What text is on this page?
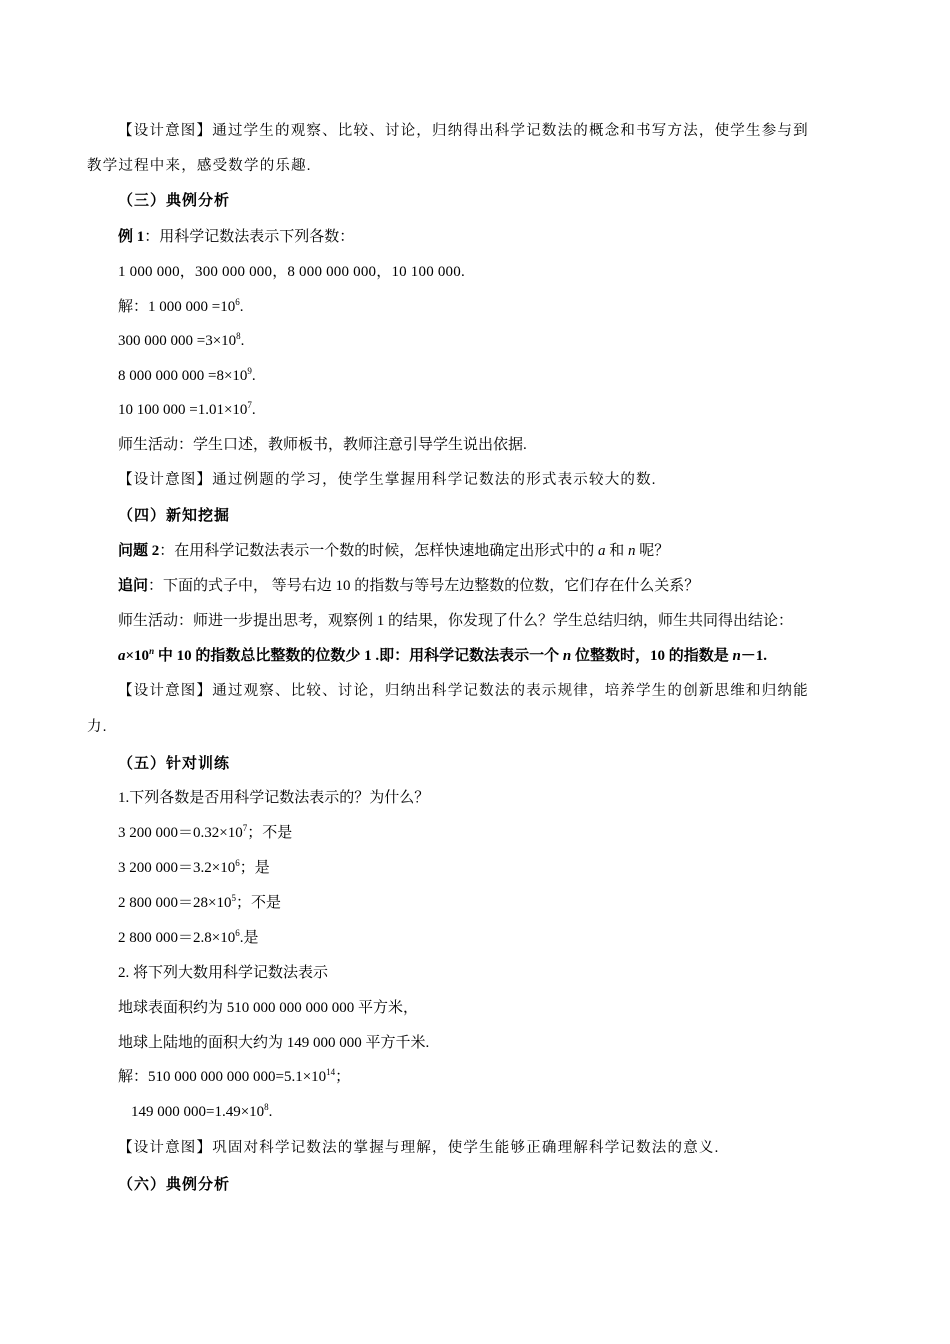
【设计意图】通过学生的观察、比较、讨论，归纳得出科学记数法的概念和书写方法，使学生参与到
教学过程中来，感受数学的乐趣.
（三）典例分析
例 1：用科学记数法表示下列各数：
1 000 000，300 000 000，8 000 000 000，10 100 000.
解：1 000 $000 =10^6$.
300 000 $000 =3\times 10^8$.
8 000 000 $000 =8\times 10^9$.
10 100 $000 =1.01\times 10^7$.
师生活动：学生口述，教师板书，教师注意引导学生说出依据.
【设计意图】通过例题的学习，使学生掌握用科学记数法的形式表示较大的数.
（四）新知挖掘
问题 2：在用科学记数法表示一个数的时候，怎样快速地确定出形式中的 a 和 n 呢？
追问：下面的式子中， 等号右边 10 的指数与等号左边整数的位数，它们存在什么关系？
师生活动：师进一步提出思考，观察例 1 的结果，你发现了什么？学生总结归纳，师生共同得出结论：
$a\times 10^n$ 中 10 的指数总比整数的位数少 1 .即：用科学记数法表示一个 n 位整数时，10 的指数是 n－1.
【设计意图】通过观察、比较、讨论，归纳出科学记数法的表示规律，培养学生的创新思维和归纳能
力.
（五）针对训练
1.下列各数是否用科学记数法表示的？为什么？
3 200 $000=0.32\times 10^7$；不是
3 200 $000=3.2\times 10^6$；是
2 800 $000=28\times 10^5$；不是
2 800 $000=2.8\times 10^6$.是
2. 将下列大数用科学记数法表示
地球表面积约为 510 000 000 000 000 平方米，
地球上陆地的面积大约为 149 000 000 平方千米.
解：510 000 000 000 $000=5.1\times 10^{14}$；
149 000 $000=1.49\times 10^8$.
【设计意图】巩固对科学记数法的掌握与理解，使学生能够正确理解科学记数法的意义.
（六）典例分析
